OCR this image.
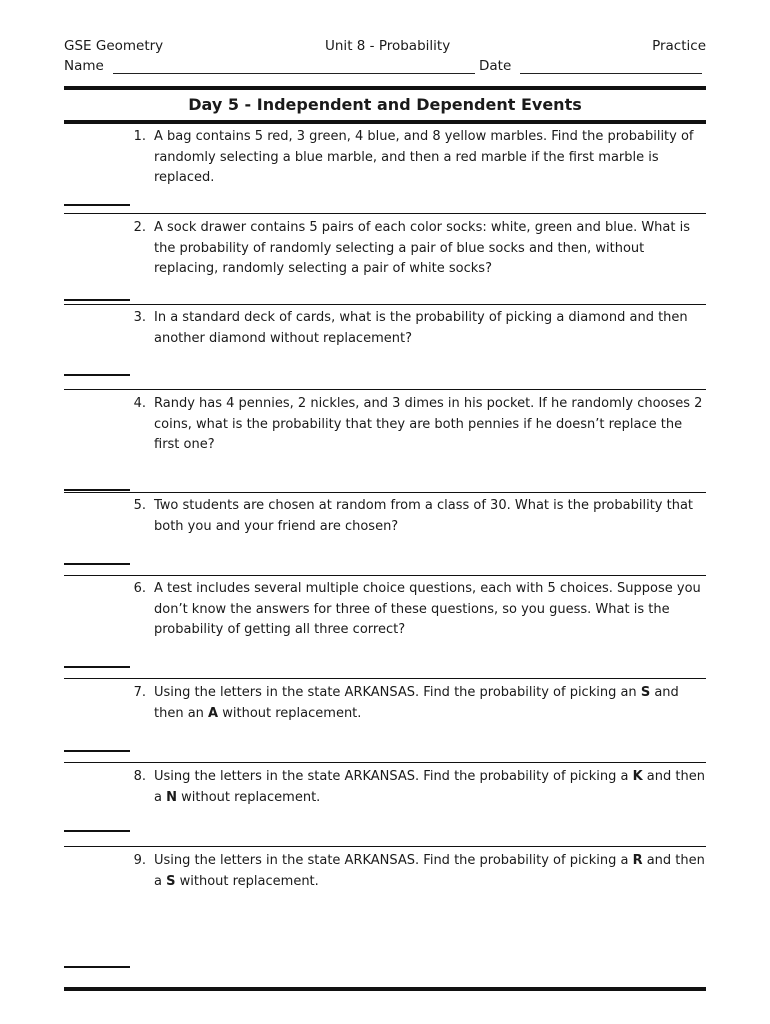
GSE Geometry	Unit 8 - Probability	Practice
Name	Date
Day 5 - Independent and Dependent Events
1. A bag contains 5 red, 3 green, 4 blue, and 8 yellow marbles. Find the probability of randomly selecting a blue marble, and then a red marble if the first marble is replaced.
2. A sock drawer contains 5 pairs of each color socks: white, green and blue. What is the probability of randomly selecting a pair of blue socks and then, without replacing, randomly selecting a pair of white socks?
3. In a standard deck of cards, what is the probability of picking a diamond and then another diamond without replacement?
4. Randy has 4 pennies, 2 nickles, and 3 dimes in his pocket. If he randomly chooses 2 coins, what is the probability that they are both pennies if he doesn’t replace the first one?
5. Two students are chosen at random from a class of 30. What is the probability that both you and your friend are chosen?
6. A test includes several multiple choice questions, each with 5 choices. Suppose you don’t know the answers for three of these questions, so you guess. What is the probability of getting all three correct?
7. Using the letters in the state ARKANSAS. Find the probability of picking an S and then an A without replacement.
8. Using the letters in the state ARKANSAS. Find the probability of picking a K and then a N without replacement.
9. Using the letters in the state ARKANSAS. Find the probability of picking a R and then a S without replacement.
